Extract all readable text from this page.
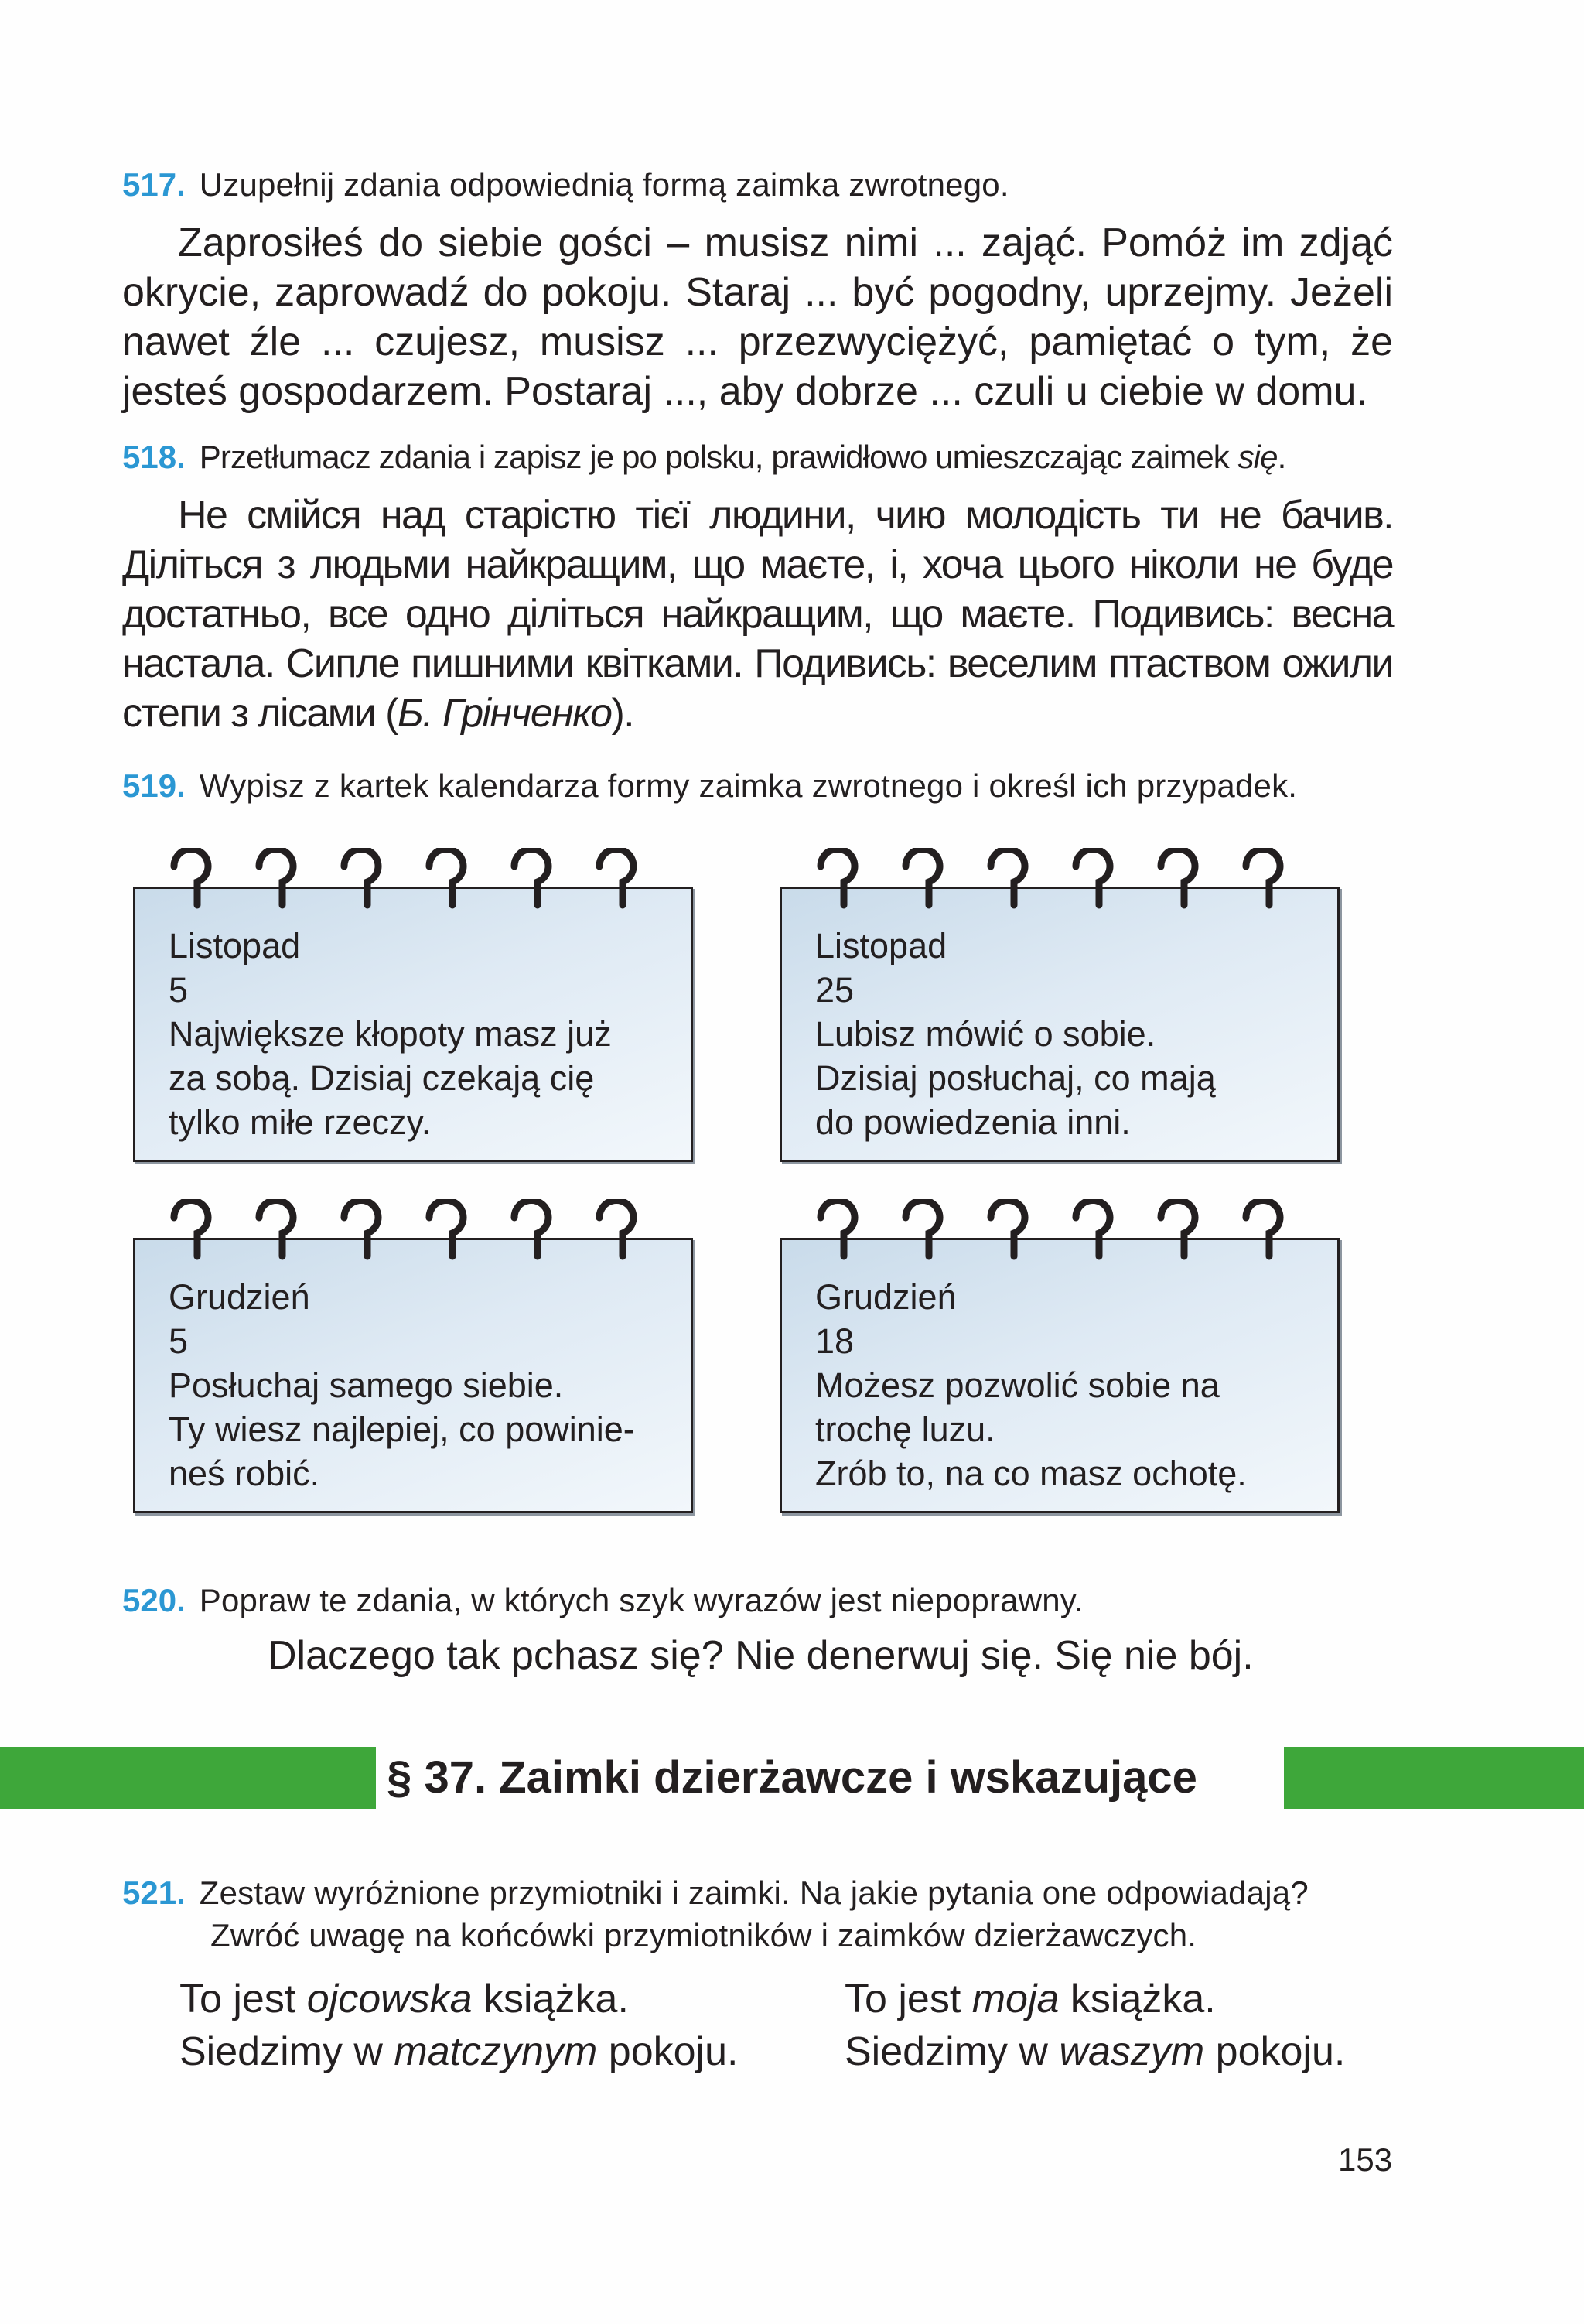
517. Uzupełnij zdania odpowiednią formą zaimka zwrotnego.

Zaprosiłeś do siebie gości – musisz nimi ... zająć. Pomóż im zdjąć okrycie, zaprowadź do pokoju. Staraj ... być pogodny, uprzejmy. Jeżeli nawet źle ... czujesz, musisz ... przezwyciężyć, pamiętać o tym, że jesteś gospodarzem. Postaraj ..., aby dobrze ... czuli u ciebie w domu.

518. Przetłumacz zdania i zapisz je po polsku, prawidłowo umieszczając zaimek się.

Не смійся над старістю тієї людини, чию молодість ти не бачив. Діліться з людьми найкращим, що маєте, і, хоча цього ніколи не буде достатньо, все одно діліться найкращим, що маєте. Подивись: весна настала. Сипле пишними квітками. Подивись: веселим птаством ожили степи з лісами (Б. Грінченко).

519. Wypisz z kartek kalendarza formy zaimka zwrotnego i określ ich przypadek.
Listopad
5
Największe kłopoty masz już
za sobą. Dzisiaj czekają cię
tylko miłe rzeczy.
Listopad
25
Lubisz mówić o sobie.
Dzisiaj posłuchaj, co mają
do powiedzenia inni.
Grudzień
5
Posłuchaj samego siebie.
Ty wiesz najlepiej, co powinie-
neś robić.
Grudzień
18
Możesz pozwolić sobie na
trochę luzu.
Zrób to, na co masz ochotę.
520. Popraw te zdania, w których szyk wyrazów jest niepoprawny.
Dlaczego tak pchasz się? Nie denerwuj się. Się nie bój.
§ 37. Zaimki dzierżawcze i wskazujące
521. Zestaw wyróżnione przymiotniki i zaimki. Na jakie pytania one odpowiadają?
Zwróć uwagę na końcówki przymiotników i zaimków dzierżawczych.
To jest ojcowska książka.
Siedzimy w matczynym pokoju.
To jest moja książka.
Siedzimy w waszym pokoju.
153
